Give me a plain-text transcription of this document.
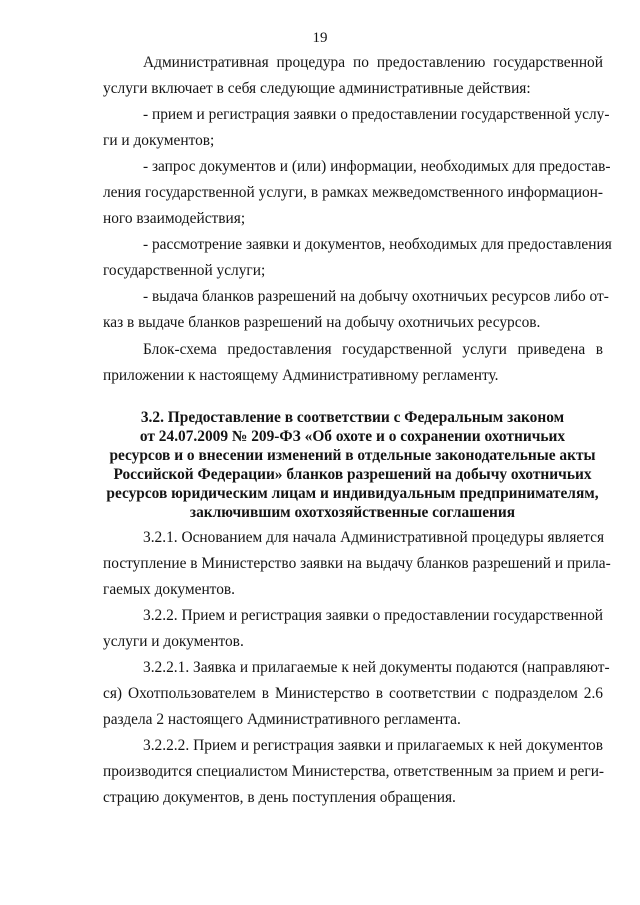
19
Административная процедура по предоставлению государственной
услуги включает в себя следующие административные действия:
- прием и регистрация заявки о предоставлении государственной услу-
ги и документов;
- запрос документов и (или) информации, необходимых для предостав-
ления государственной услуги, в рамках межведомственного информацион-
ного взаимодействия;
- рассмотрение заявки и документов, необходимых для предоставления
государственной услуги;
- выдача бланков разрешений на добычу охотничьих ресурсов либо от-
каз в выдаче бланков разрешений на добычу охотничьих ресурсов.
Блок-схема предоставления государственной услуги приведена в
приложении к настоящему Административному регламенту.
3.2. Предоставление в соответствии с Федеральным законом
от 24.07.2009 № 209-ФЗ «Об охоте и о сохранении охотничьих
ресурсов и о внесении изменений в отдельные законодательные акты
Российской Федерации» бланков разрешений на добычу охотничьих
ресурсов юридическим лицам и индивидуальным предпринимателям,
заключившим охотхозяйственные соглашения
3.2.1. Основанием для начала Административной процедуры является
поступление в Министерство заявки на выдачу бланков разрешений и прила-
гаемых документов.
3.2.2. Прием и регистрация заявки о предоставлении государственной
услуги и документов.
3.2.2.1. Заявка и прилагаемые к ней документы подаются (направляют-
ся) Охотпользователем в Министерство в соответствии с подразделом 2.6
раздела 2 настоящего Административного регламента.
3.2.2.2. Прием и регистрация заявки и прилагаемых к ней документов
производится специалистом Министерства, ответственным за прием и реги-
страцию документов, в день поступления обращения.
